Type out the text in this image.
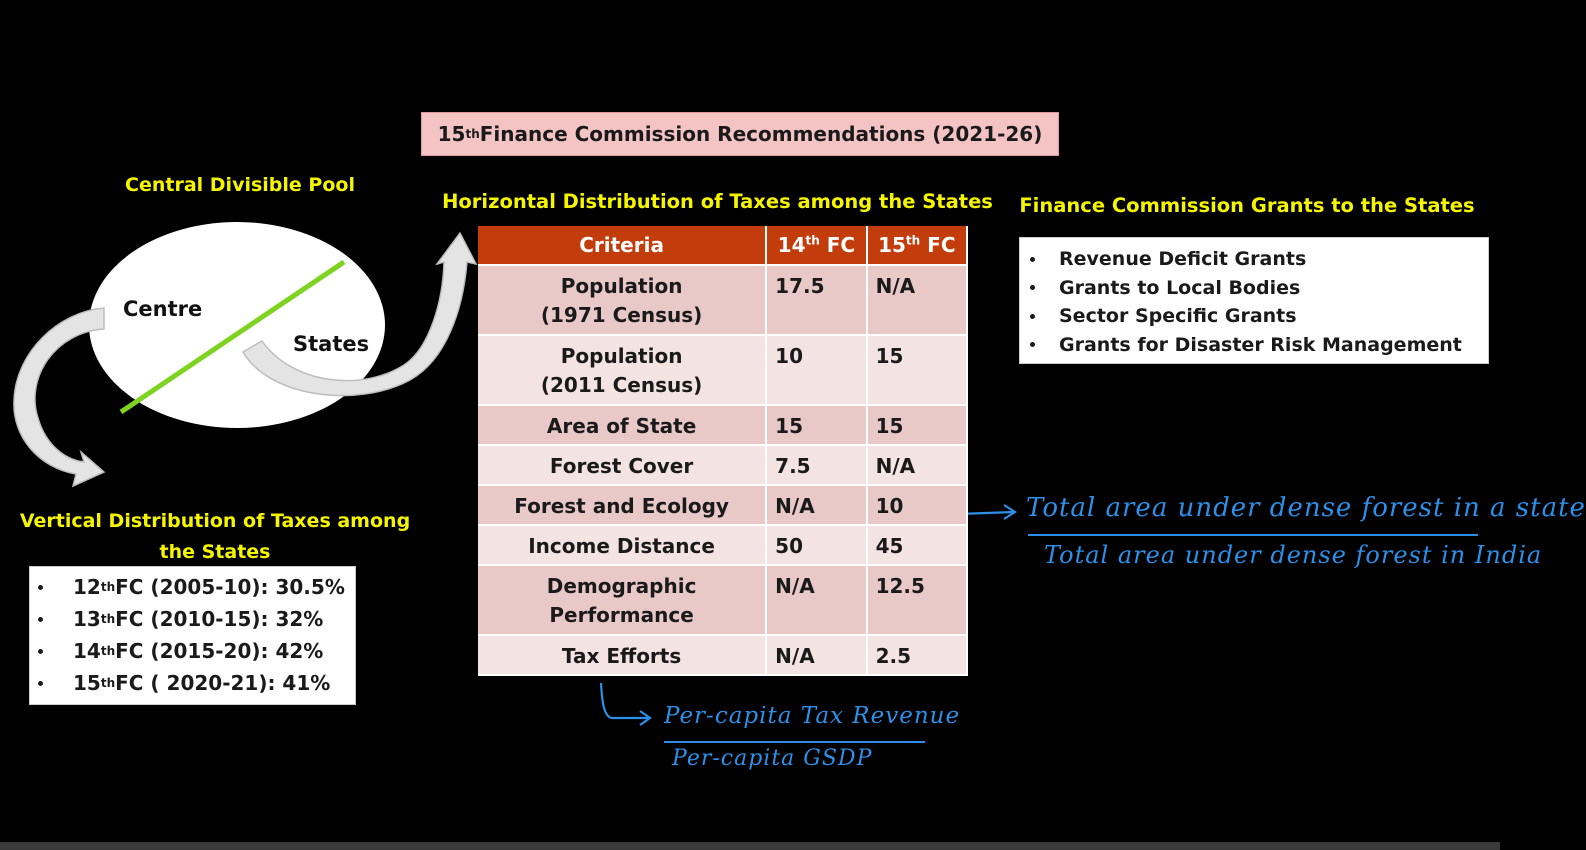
15 th Finance Commission Recommendations (2021-26)
Central Divisible Pool
Horizontal Distribution of Taxes among the States	Finance Commission Grants to the States
Vertical Distribution of Taxes among the States
Centre
States
Criteria	14th FC	15th FC
Population
(1971 Census)	17.5	N/A
Population
(2011 Census)	10	15
Area of State	15	15
Forest Cover	7.5	N/A
Forest and Ecology	N/A	10
Income Distance	50	45
Demographic
Performance	N/A	12.5
Tax Efforts	N/A	2.5
Revenue Deficit Grants
Grants to Local Bodies
Sector Specific Grants
Grants for Disaster Risk Management
12 th FC (2005-10): 30.5%
13 th FC (2010-15): 32%
14 th FC (2015-20): 42%
15 th FC ( 2020-21): 41%
Total area under dense forest in a state
Total area under dense forest in India
Per-capita Tax Revenue
Per-capita GSDP
